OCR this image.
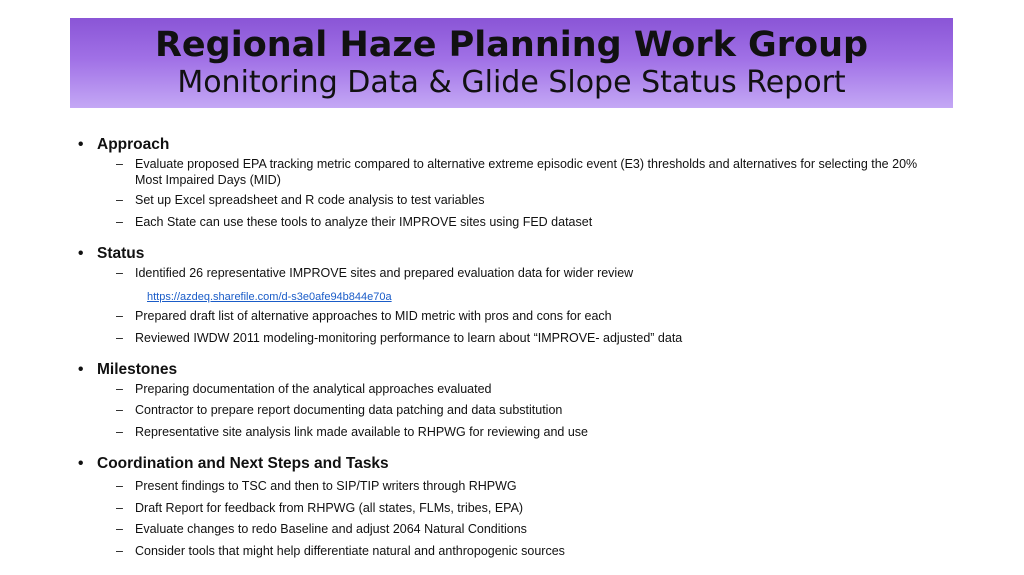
Regional Haze Planning Work Group
Monitoring Data & Glide Slope Status Report
• Approach
– Evaluate proposed EPA tracking metric compared to alternative extreme episodic event (E3) thresholds and alternatives for selecting the 20% Most Impaired Days (MID)
– Set up Excel spreadsheet and R code analysis to test variables
– Each State can use these tools to analyze their IMPROVE sites using FED dataset
• Status
– Identified 26 representative IMPROVE sites and prepared evaluation data for wider review
https://azdeq.sharefile.com/d-s3e0afe94b844e70a
– Prepared draft list of alternative approaches to MID metric with pros and cons for each
– Reviewed IWDW 2011 modeling-monitoring performance to learn about “IMPROVE- adjusted” data
• Milestones
– Preparing documentation of the analytical approaches evaluated
– Contractor to prepare report documenting data patching and data substitution
– Representative site analysis link made available to RHPWG for reviewing and use
• Coordination and Next Steps and Tasks
– Present findings to TSC and then to SIP/TIP writers through RHPWG
– Draft Report for feedback from RHPWG (all states, FLMs, tribes, EPA)
– Evaluate changes to redo Baseline and adjust 2064 Natural Conditions
– Consider tools that might help differentiate natural and anthropogenic sources
